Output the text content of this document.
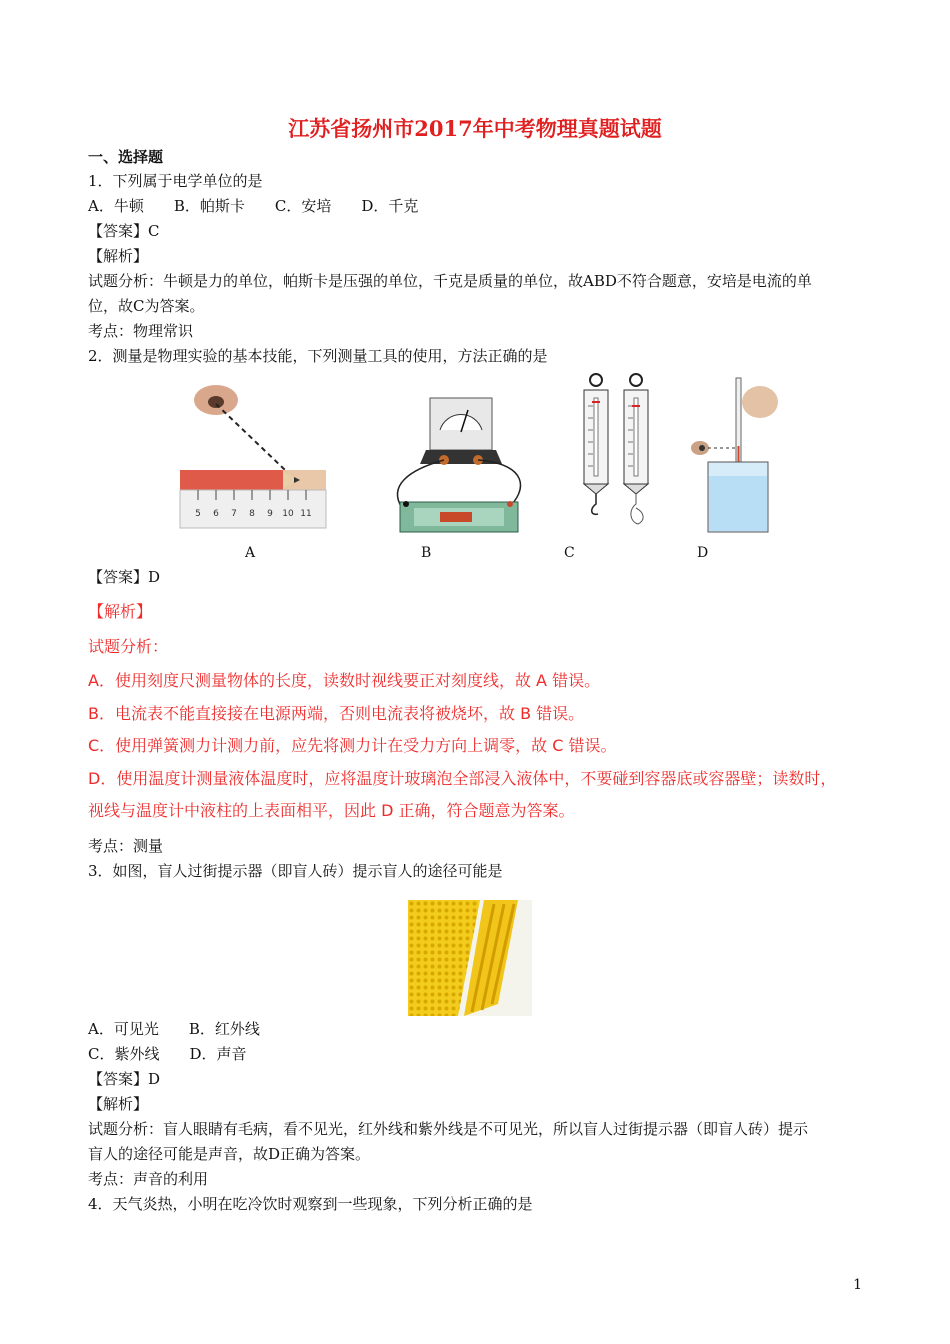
江苏省扬州市2017年中考物理真题试题
一、选择题
1．下列属于电学单位的是
A．牛顿　　B．帕斯卡　　C．安培　　D．千克
【答案】C
【解析】
试题分析：牛顿是力的单位，帕斯卡是压强的单位，千克是质量的单位，故ABD不符合题意，安培是电流的单
位，故C为答案。
考点：物理常识
2．测量是物理实验的基本技能，下列测量工具的使用，方法正确的是
5 6 7 8 9 10 11
A	B	C	D
【答案】D
【解析】
试题分析：
A．使用刻度尺测量物体的长度，读数时视线要正对刻度线，故 A 错误。
B．电流表不能直接接在电源两端，否则电流表将被烧坏，故 B 错误。
C．使用弹簧测力计测力前，应先将测力计在受力方向上调零，故 C 错误。
D．使用温度计测量液体温度时，应将温度计玻璃泡全部浸入液体中，不要碰到容器底或容器壁；读数时，
视线与温度计中液柱的上表面相平，因此 D 正确，符合题意为答案。
考点：测量
3．如图，盲人过街提示器（即盲人砖）提示盲人的途径可能是
A．可见光　　B．红外线
C．紫外线　　D．声音
【答案】D
【解析】
试题分析：盲人眼睛有毛病，看不见光，红外线和紫外线是不可见光，所以盲人过街提示器（即盲人砖）提示
盲人的途径可能是声音，故D正确为答案。
考点：声音的利用
4．天气炎热，小明在吃冷饮时观察到一些现象，下列分析正确的是
1
